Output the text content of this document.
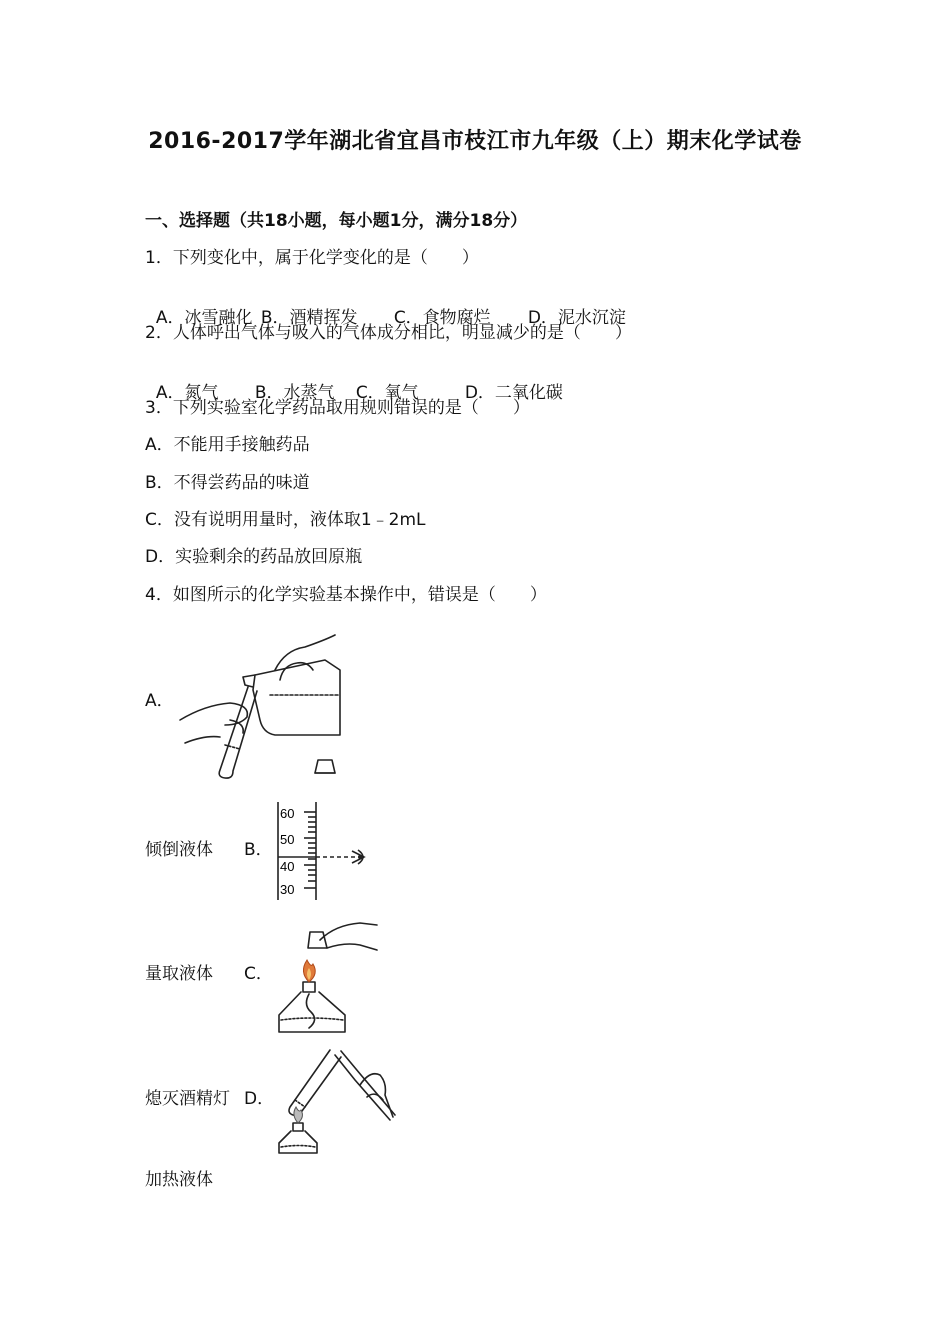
2016-2017学年湖北省宜昌市枝江市九年级（上）期末化学试卷
一、选择题（共18小题，每小题1分，满分18分）
1．下列变化中，属于化学变化的是（　　）

A．冰雪融化 B．酒精挥发 C．食物腐烂 D．泥水沉淀

2．人体呼出气体与吸入的气体成分相比，明显减少的是（　　）

A．氮气 B．水蒸气 C．氧气	D．二氧化碳

3．下列实验室化学药品取用规则错误的是（　　）
A．不能用手接触药品
B．不得尝药品的味道
C．没有说明用量时，液体取1﹣2mL
D．实验剩余的药品放回原瓶
4．如图所示的化学实验基本操作中，错误是（　　）
A．
倾倒液体 B．
60
50
40
30
量取液体 C．
熄灭酒精灯 D．
加热液体
